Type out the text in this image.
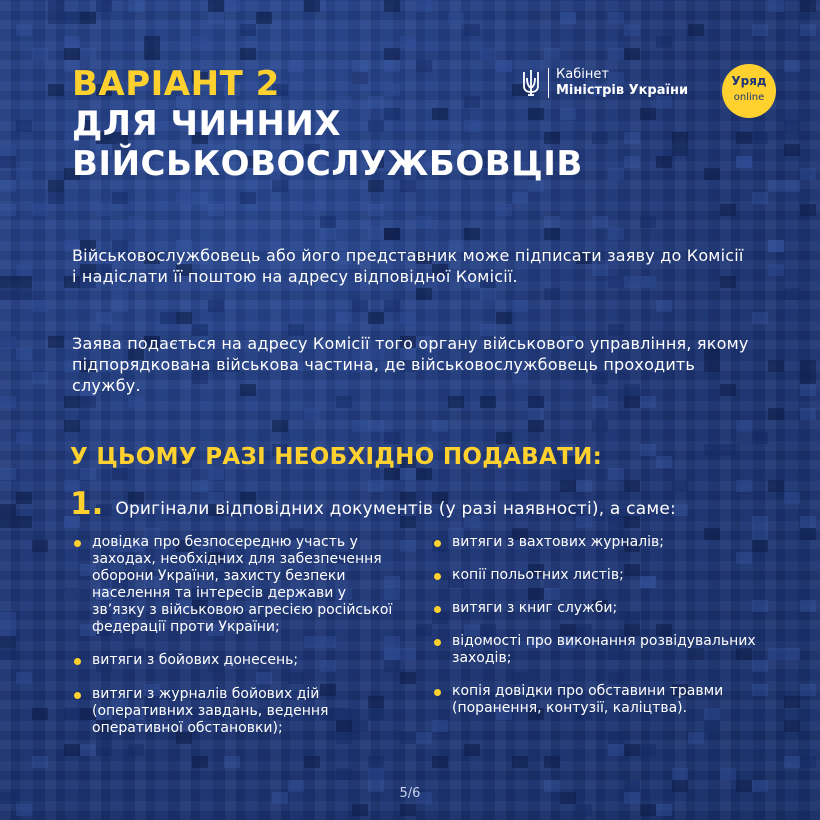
ВАРІАНТ 2
ДЛЯ ЧИННИХ
ВІЙСЬКОВОСЛУЖБОВЦІВ
Кабінет
Міністрів України
Уряд
online

Військовослужбовець або його представник може підписати заяву до Комісії і надіслати її поштою на адресу відповідної Комісії.

Заява подається на адресу Комісії того органу військового управління, якому підпорядкована військова частина, де військовослужбовець проходить службу.

У ЦЬОМУ РАЗІ НЕОБХІДНО ПОДАВАТИ:
1. Оригінали відповідних документів (у разі наявності), а саме:
довідка про безпосередню участь у заходах, необхідних для забезпечення оборони України, захисту безпеки населення та інтересів держави у зв’язку з військовою агресією російської федерації проти України;
витяги з бойових донесень;
витяги з журналів бойових дій (оперативних завдань, ведення оперативної обстановки);
витяги з вахтових журналів;
копії польотних листів;
витяги з книг служби;
відомості про виконання розвідувальних заходів;
копія довідки про обставини травми (поранення, контузії, каліцтва).
5/6
